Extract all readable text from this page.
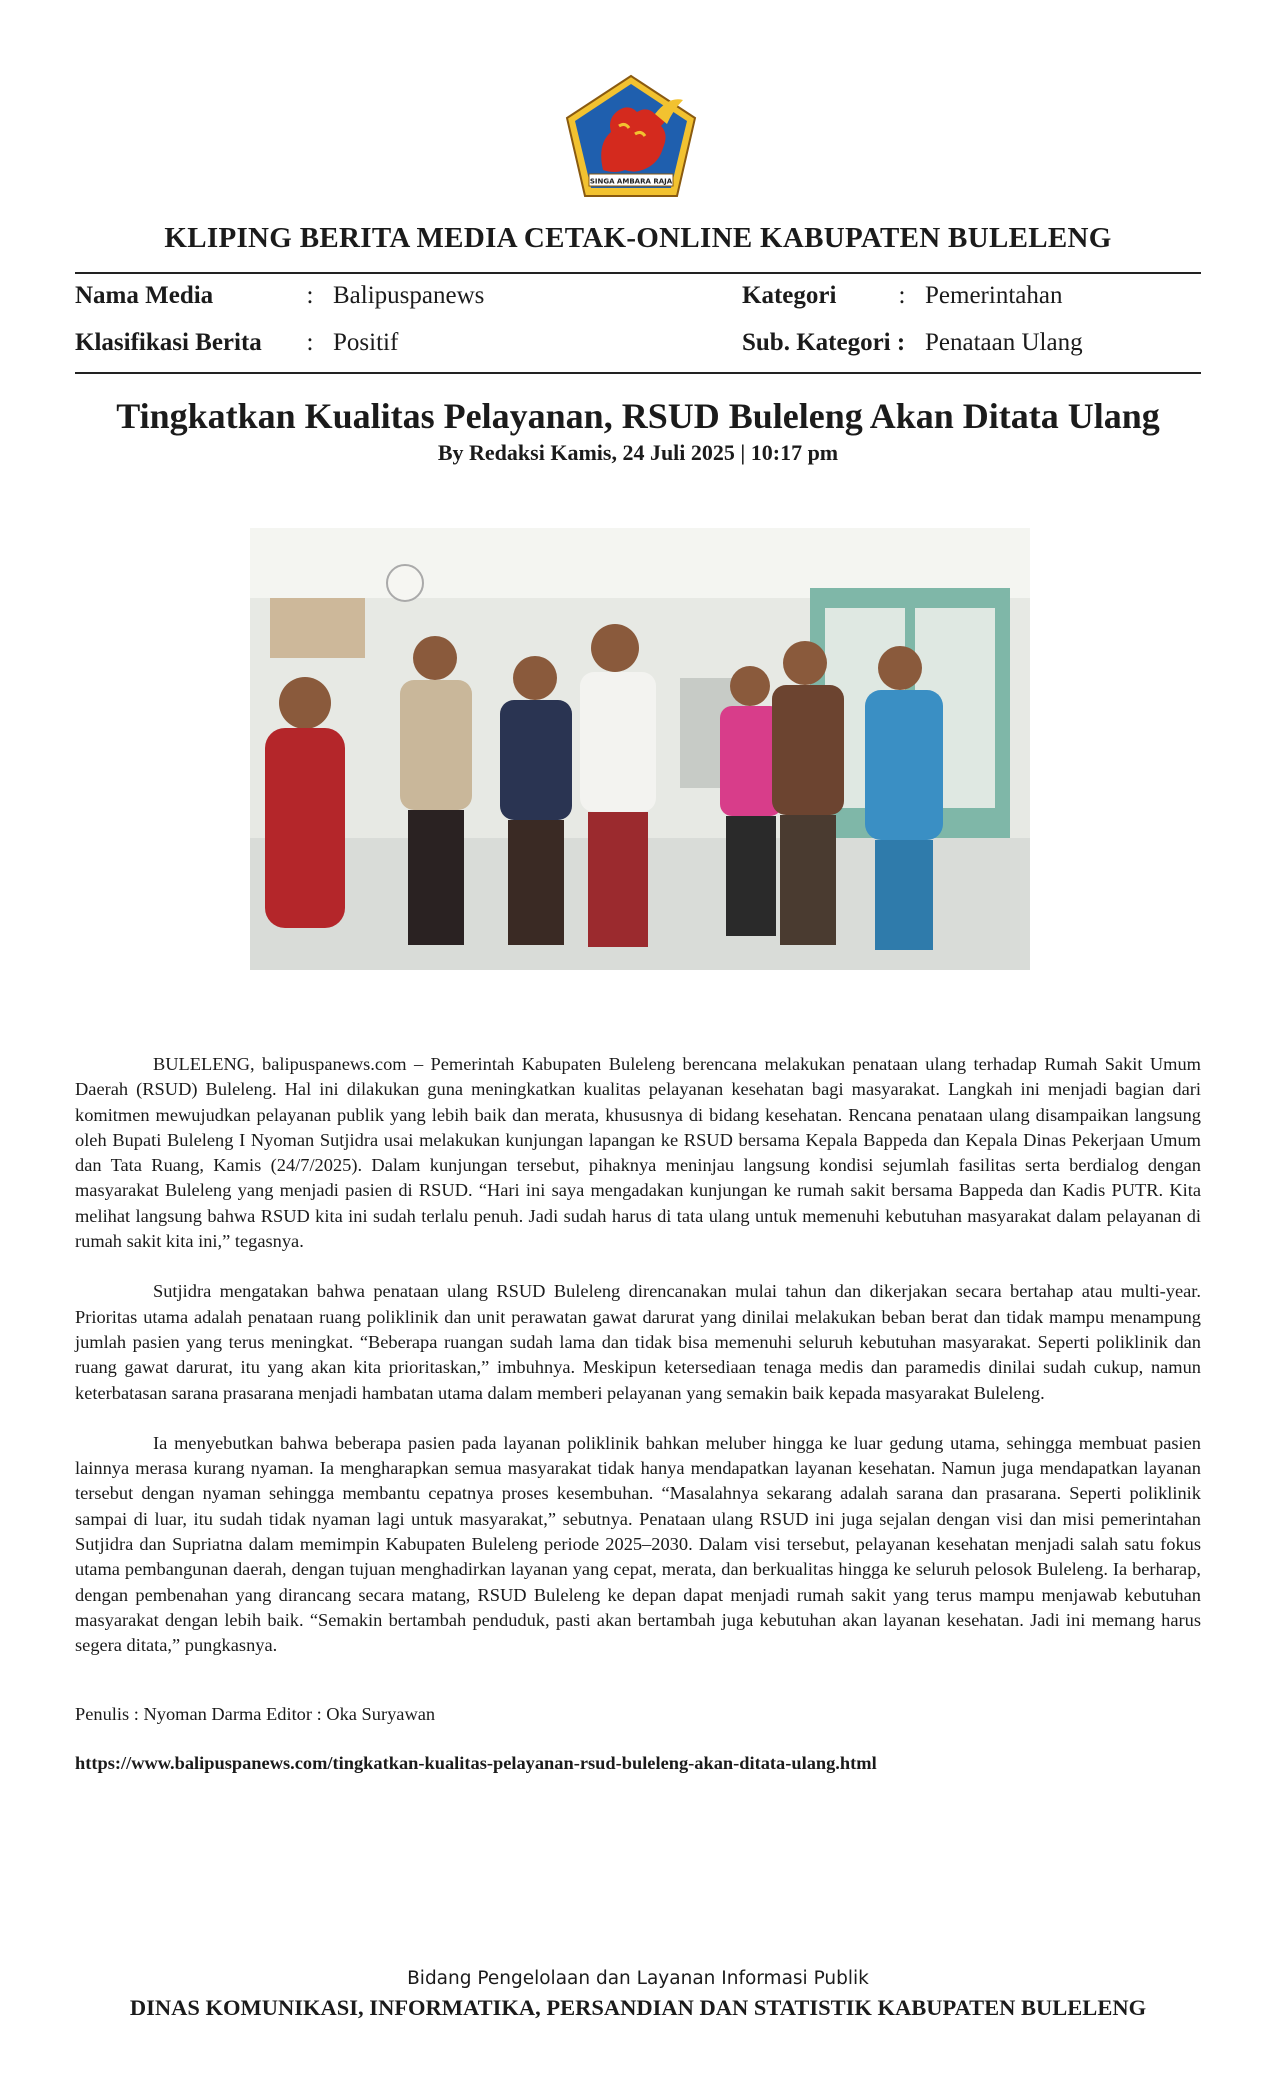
SINGA AMBARA RAJA
KLIPING BERITA MEDIA CETAK-ONLINE KABUPATEN BULELENG
Nama Media	: Balipuspanews
Klasifikasi Berita : Positif
Kategori : Pemerintahan
Sub. Kategori : Penataan Ulang
Tingkatkan Kualitas Pelayanan, RSUD Buleleng Akan Ditata Ulang
By Redaksi Kamis, 24 Juli 2025 | 10:17 pm

BULELENG, balipuspanews.com – Pemerintah Kabupaten Buleleng berencana melakukan penataan ulang terhadap Rumah Sakit Umum Daerah (RSUD) Buleleng. Hal ini dilakukan guna meningkatkan kualitas pelayanan kesehatan bagi masyarakat. Langkah ini menjadi bagian dari komitmen mewujudkan pelayanan publik yang lebih baik dan merata, khususnya di bidang kesehatan. Rencana penataan ulang disampaikan langsung oleh Bupati Buleleng I Nyoman Sutjidra usai melakukan kunjungan lapangan ke RSUD bersama Kepala Bappeda dan Kepala Dinas Pekerjaan Umum dan Tata Ruang, Kamis (24/7/2025). Dalam kunjungan tersebut, pihaknya meninjau langsung kondisi sejumlah fasilitas serta berdialog dengan masyarakat Buleleng yang menjadi pasien di RSUD. “Hari ini saya mengadakan kunjungan ke rumah sakit bersama Bappeda dan Kadis PUTR. Kita melihat langsung bahwa RSUD kita ini sudah terlalu penuh. Jadi sudah harus di tata ulang untuk memenuhi kebutuhan masyarakat dalam pelayanan di rumah sakit kita ini,” tegasnya.

Sutjidra mengatakan bahwa penataan ulang RSUD Buleleng direncanakan mulai tahun dan dikerjakan secara bertahap atau multi-year. Prioritas utama adalah penataan ruang poliklinik dan unit perawatan gawat darurat yang dinilai melakukan beban berat dan tidak mampu menampung jumlah pasien yang terus meningkat. “Beberapa ruangan sudah lama dan tidak bisa memenuhi seluruh kebutuhan masyarakat. Seperti poliklinik dan ruang gawat darurat, itu yang akan kita prioritaskan,” imbuhnya. Meskipun ketersediaan tenaga medis dan paramedis dinilai sudah cukup, namun keterbatasan sarana prasarana menjadi hambatan utama dalam memberi pelayanan yang semakin baik kepada masyarakat Buleleng.

Ia menyebutkan bahwa beberapa pasien pada layanan poliklinik bahkan meluber hingga ke luar gedung utama, sehingga membuat pasien lainnya merasa kurang nyaman. Ia mengharapkan semua masyarakat tidak hanya mendapatkan layanan kesehatan. Namun juga mendapatkan layanan tersebut dengan nyaman sehingga membantu cepatnya proses kesembuhan. “Masalahnya sekarang adalah sarana dan prasarana. Seperti poliklinik sampai di luar, itu sudah tidak nyaman lagi untuk masyarakat,” sebutnya. Penataan ulang RSUD ini juga sejalan dengan visi dan misi pemerintahan Sutjidra dan Supriatna dalam memimpin Kabupaten Buleleng periode 2025–2030. Dalam visi tersebut, pelayanan kesehatan menjadi salah satu fokus utama pembangunan daerah, dengan tujuan menghadirkan layanan yang cepat, merata, dan berkualitas hingga ke seluruh pelosok Buleleng. Ia berharap, dengan pembenahan yang dirancang secara matang, RSUD Buleleng ke depan dapat menjadi rumah sakit yang terus mampu menjawab kebutuhan masyarakat dengan lebih baik. “Semakin bertambah penduduk, pasti akan bertambah juga kebutuhan akan layanan kesehatan. Jadi ini memang harus segera ditata,” pungkasnya.

Penulis : Nyoman Darma Editor : Oka Suryawan
https://www.balipuspanews.com/tingkatkan-kualitas-pelayanan-rsud-buleleng-akan-ditata-ulang.html
Bidang Pengelolaan dan Layanan Informasi Publik
DINAS KOMUNIKASI, INFORMATIKA, PERSANDIAN DAN STATISTIK KABUPATEN BULELENG
